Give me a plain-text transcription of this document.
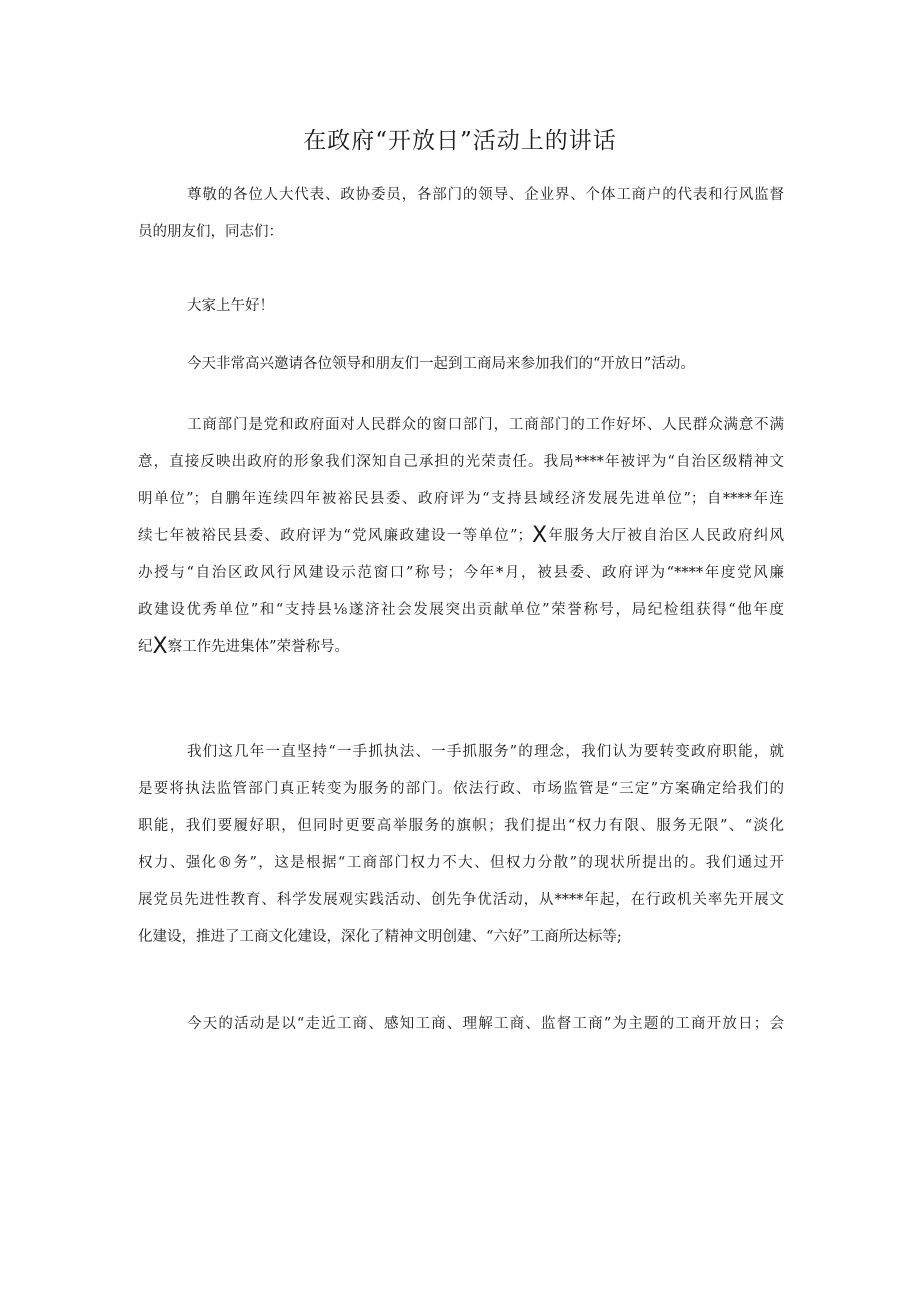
在政府“开放日”活动上的讲话
尊敬的各位人大代表、政协委员，各部门的领导、企业界、个体工商户的代表和行风监督
员的朋友们，同志们：
大家上午好！
今天非常高兴邀请各位领导和朋友们一起到工商局来参加我们的“开放日”活动。
工商部门是党和政府面对人民群众的窗口部门，工商部门的工作好坏、人民群众满意不满
意，直接反映出政府的形象我们深知自己承担的光荣责任。我局****年被评为“自治区级精神文
明单位”；自鹏年连续四年被裕民县委、政府评为“支持县域经济发展先进单位”；自****年连
续七年被裕民县委、政府评为“党风廉政建设一等单位”；X年服务大厅被自治区人民政府纠风
办授与“自治区政风行风建设示范窗口”称号；今年*月，被县委、政府评为“****年度党风廉
政建设优秀单位”和“支持县⅛遂济社会发展突出贡献单位”荣誉称号，局纪检组获得“他年度
纪X察工作先进集体”荣誉称号。
我们这几年一直坚持“一手抓执法、一手抓服务”的理念，我们认为要转变政府职能，就
是要将执法监管部门真正转变为服务的部门。依法行政、市场监管是“三定”方案确定给我们的
职能，我们要履好职，但同时更要高举服务的旗帜；我们提出“权力有限、服务无限”、“淡化
权力、强化®务”，这是根据“工商部门权力不大、但权力分散”的现状所提出的。我们通过开
展党员先进性教育、科学发展观实践活动、创先争优活动，从****年起，在行政机关率先开展文
化建设，推进了工商文化建设，深化了精神文明创建、“六好”工商所达标等;
今天的活动是以“走近工商、感知工商、理解工商、监督工商”为主题的工商开放日；会
